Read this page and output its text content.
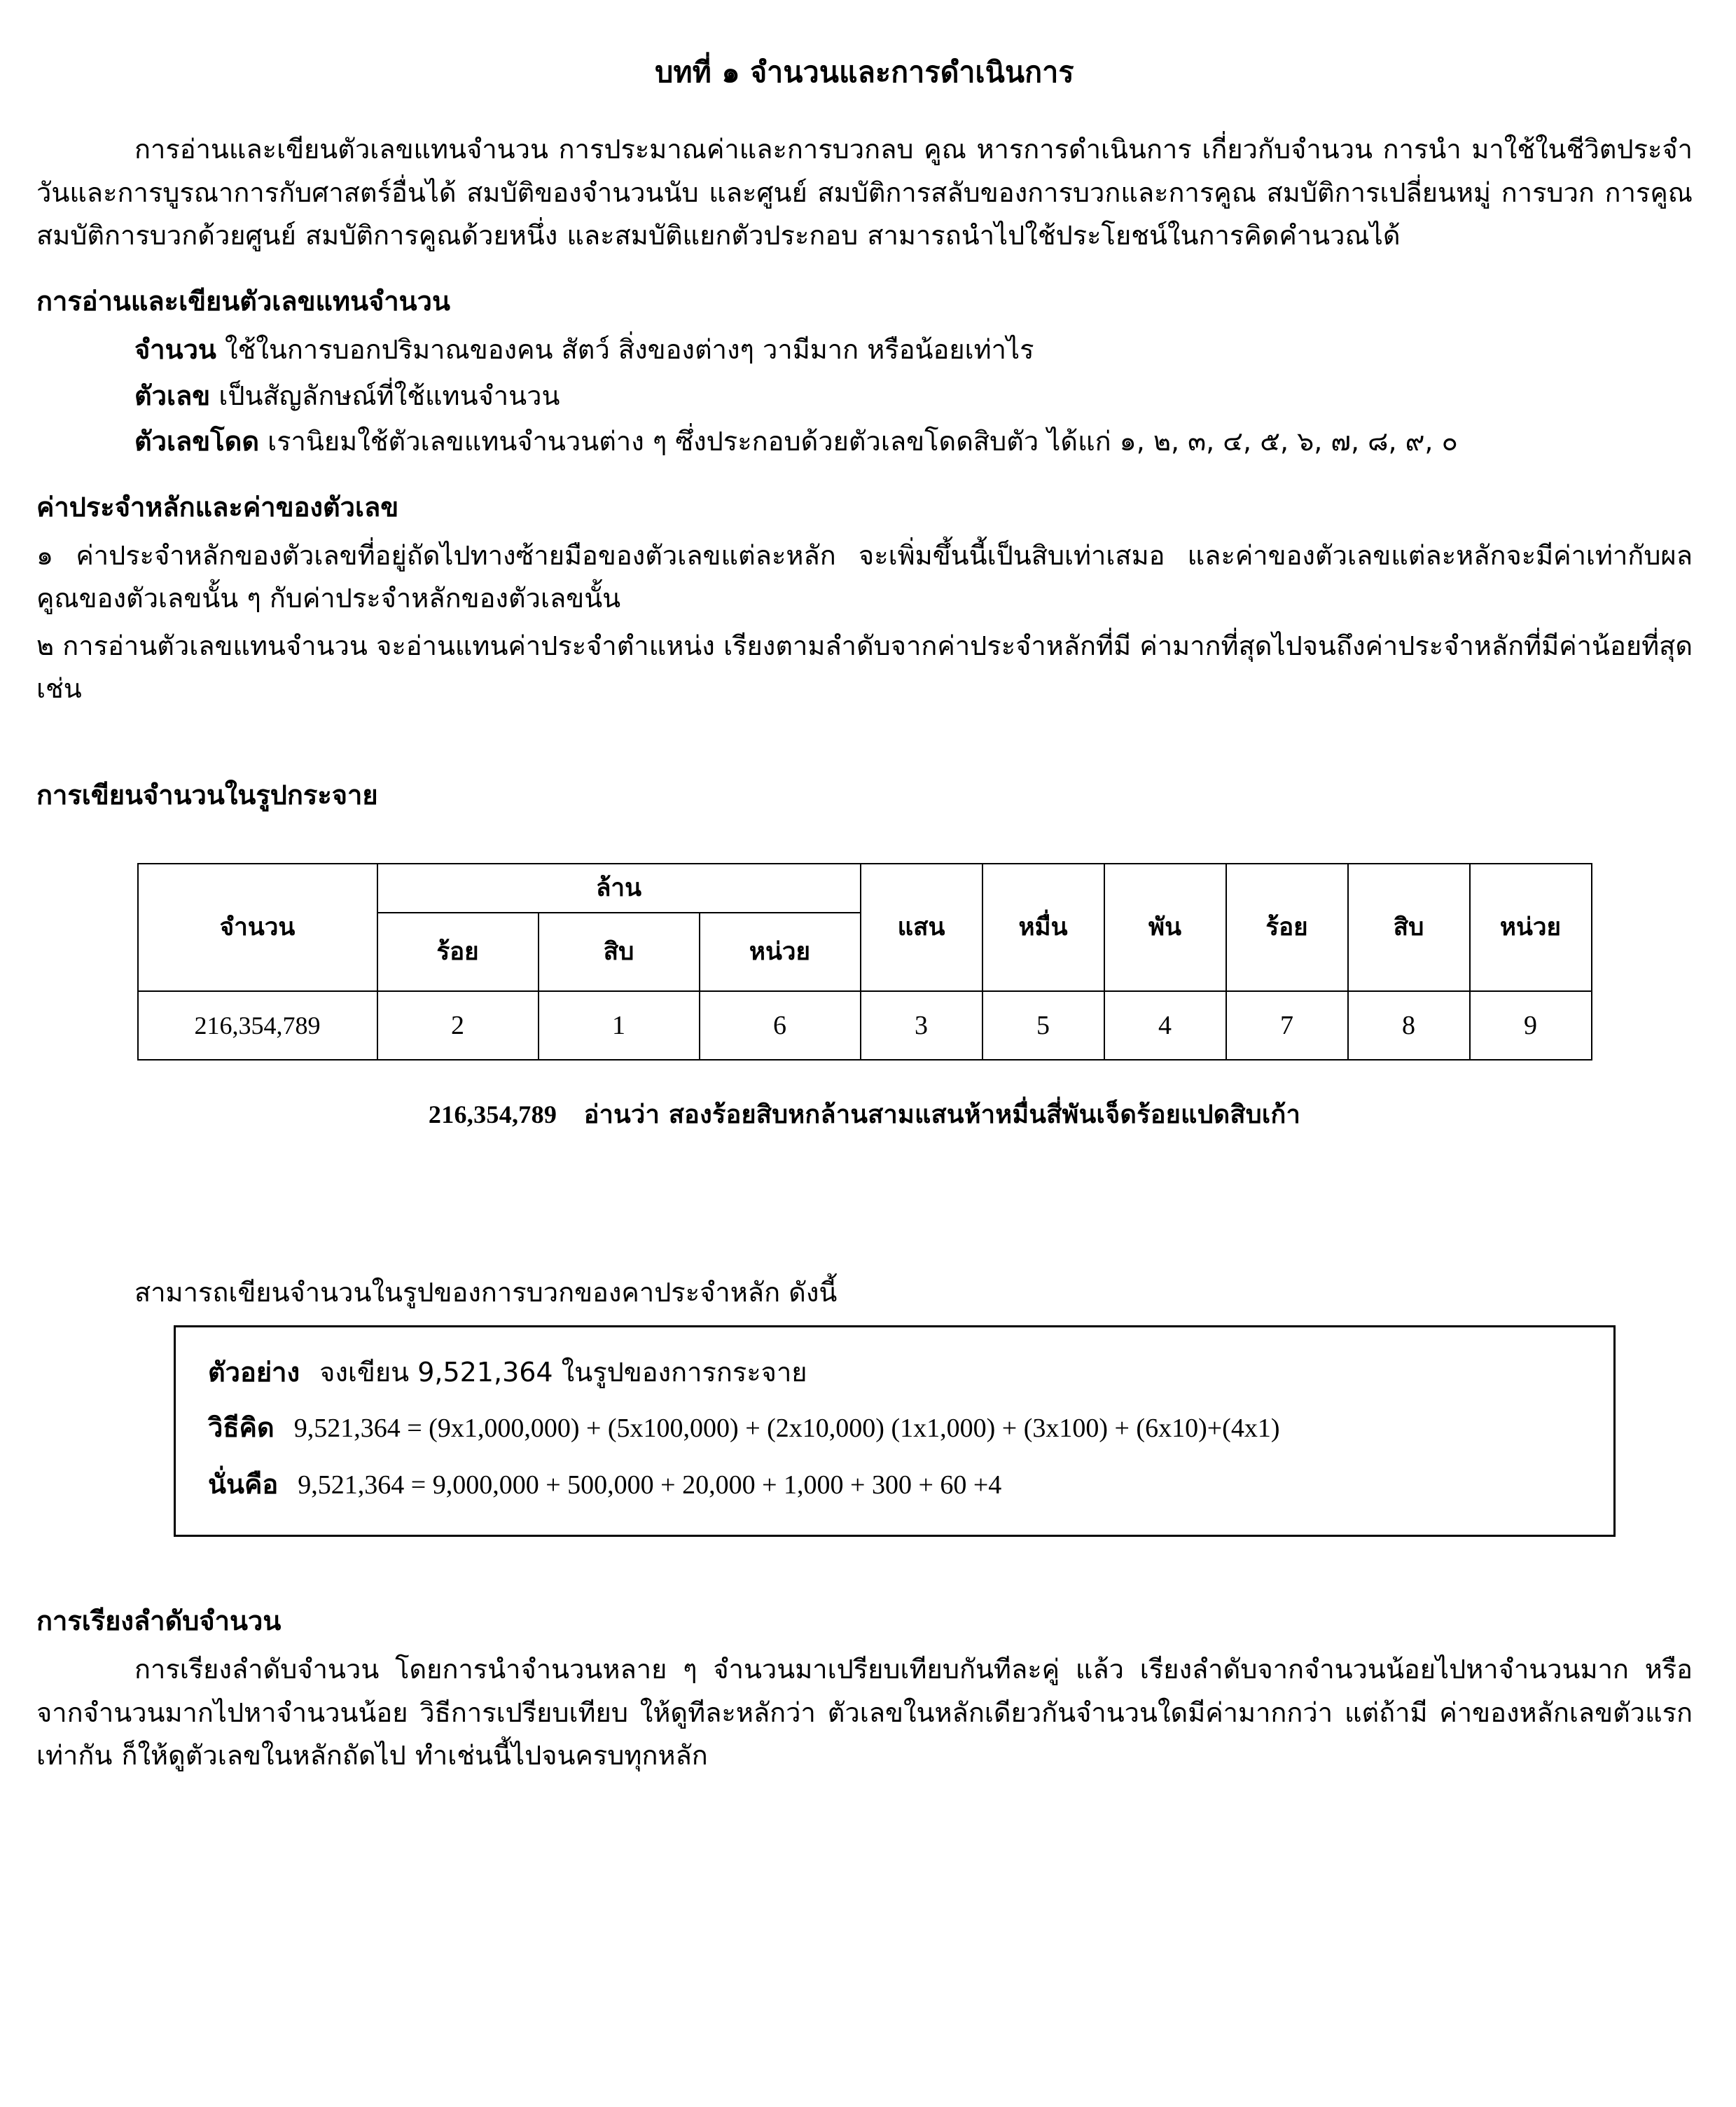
บทที่ ๑ จำนวนและการดำเนินการ

การอ่านและเขียนตัวเลขแทนจำนวน การประมาณค่าและการบวกลบ คูณ หารการดำเนินการ เกี่ยวกับจำนวน การนำ มาใช้ในชีวิตประจำวันและการบูรณาการกับศาสตร์อื่นได้ สมบัติของจำนวนนับ และศูนย์ สมบัติการสลับของการบวกและการคูณ สมบัติการเปลี่ยนหมู่ การบวก การคูณ สมบัติการบวกด้วยศูนย์ สมบัติการคูณด้วยหนึ่ง และสมบัติแยกตัวประกอบ สามารถนำไปใช้ประโยชน์ในการคิดคำนวณได้

การอ่านและเขียนตัวเลขแทนจำนวน

จำนวน ใช้ในการบอกปริมาณของคน สัตว์ สิ่งของต่างๆ วามีมาก หรือน้อยเท่าไร

ตัวเลข เป็นสัญลักษณ์ที่ใช้แทนจำนวน

ตัวเลขโดด เรานิยมใช้ตัวเลขแทนจำนวนต่าง ๆ ซึ่งประกอบด้วยตัวเลขโดดสิบตัว ได้แก่ ๑, ๒, ๓, ๔, ๕, ๖, ๗, ๘, ๙, ๐

ค่าประจำหลักและค่าของตัวเลข

๑ ค่าประจำหลักของตัวเลขที่อยู่ถัดไปทางซ้ายมือของตัวเลขแต่ละหลัก จะเพิ่มขึ้นนี้เป็นสิบเท่าเสมอ และค่าของตัวเลขแต่ละหลักจะมีค่าเท่ากับผลคูณของตัวเลขนั้น ๆ กับค่าประจำหลักของตัวเลขนั้น

๒ การอ่านตัวเลขแทนจำนวน จะอ่านแทนค่าประจำตำแหน่ง เรียงตามลำดับจากค่าประจำหลักที่มี ค่ามากที่สุดไปจนถึงค่าประจำหลักที่มีค่าน้อยที่สุด เช่น

การเขียนจำนวนในรูปกระจาย
จำนวน	ล้าน			แสน	หมื่น	พัน	ร้อย	สิบ	หน่วย
	ร้อย	สิบ	หน่วย						
216,354,789	2	1	6	3	5	4	7	8	9

216,354,789 อ่านว่า สองร้อยสิบหกล้านสามแสนห้าหมื่นสี่พันเจ็ดร้อยแปดสิบเก้า

สามารถเขียนจำนวนในรูปของการบวกของคาประจำหลัก ดังนี้

ตัวอย่าง จงเขียน 9,521,364 ในรูปของการกระจาย
วิธีคิด 9,521,364 = (9x1,000,000) + (5x100,000) + (2x10,000) (1x1,000) + (3x100) + (6x10)+(4x1)
นั่นคือ 9,521,364 = 9,000,000 + 500,000 + 20,000 + 1,000 + 300 + 60 +4
การเรียงลำดับจำนวน

การเรียงลำดับจำนวน โดยการนำจำนวนหลาย ๆ จำนวนมาเปรียบเทียบกันทีละคู่ แล้ว เรียงลำดับจากจำนวนน้อยไปหาจำนวนมาก หรือจากจำนวนมากไปหาจำนวนน้อย วิธีการเปรียบเทียบ ให้ดูทีละหลักว่า ตัวเลขในหลักเดียวกันจำนวนใดมีค่ามากกว่า แต่ถ้ามี ค่าของหลักเลขตัวแรกเท่ากัน ก็ให้ดูตัวเลขในหลักถัดไป ทำเช่นนี้ไปจนครบทุกหลัก
